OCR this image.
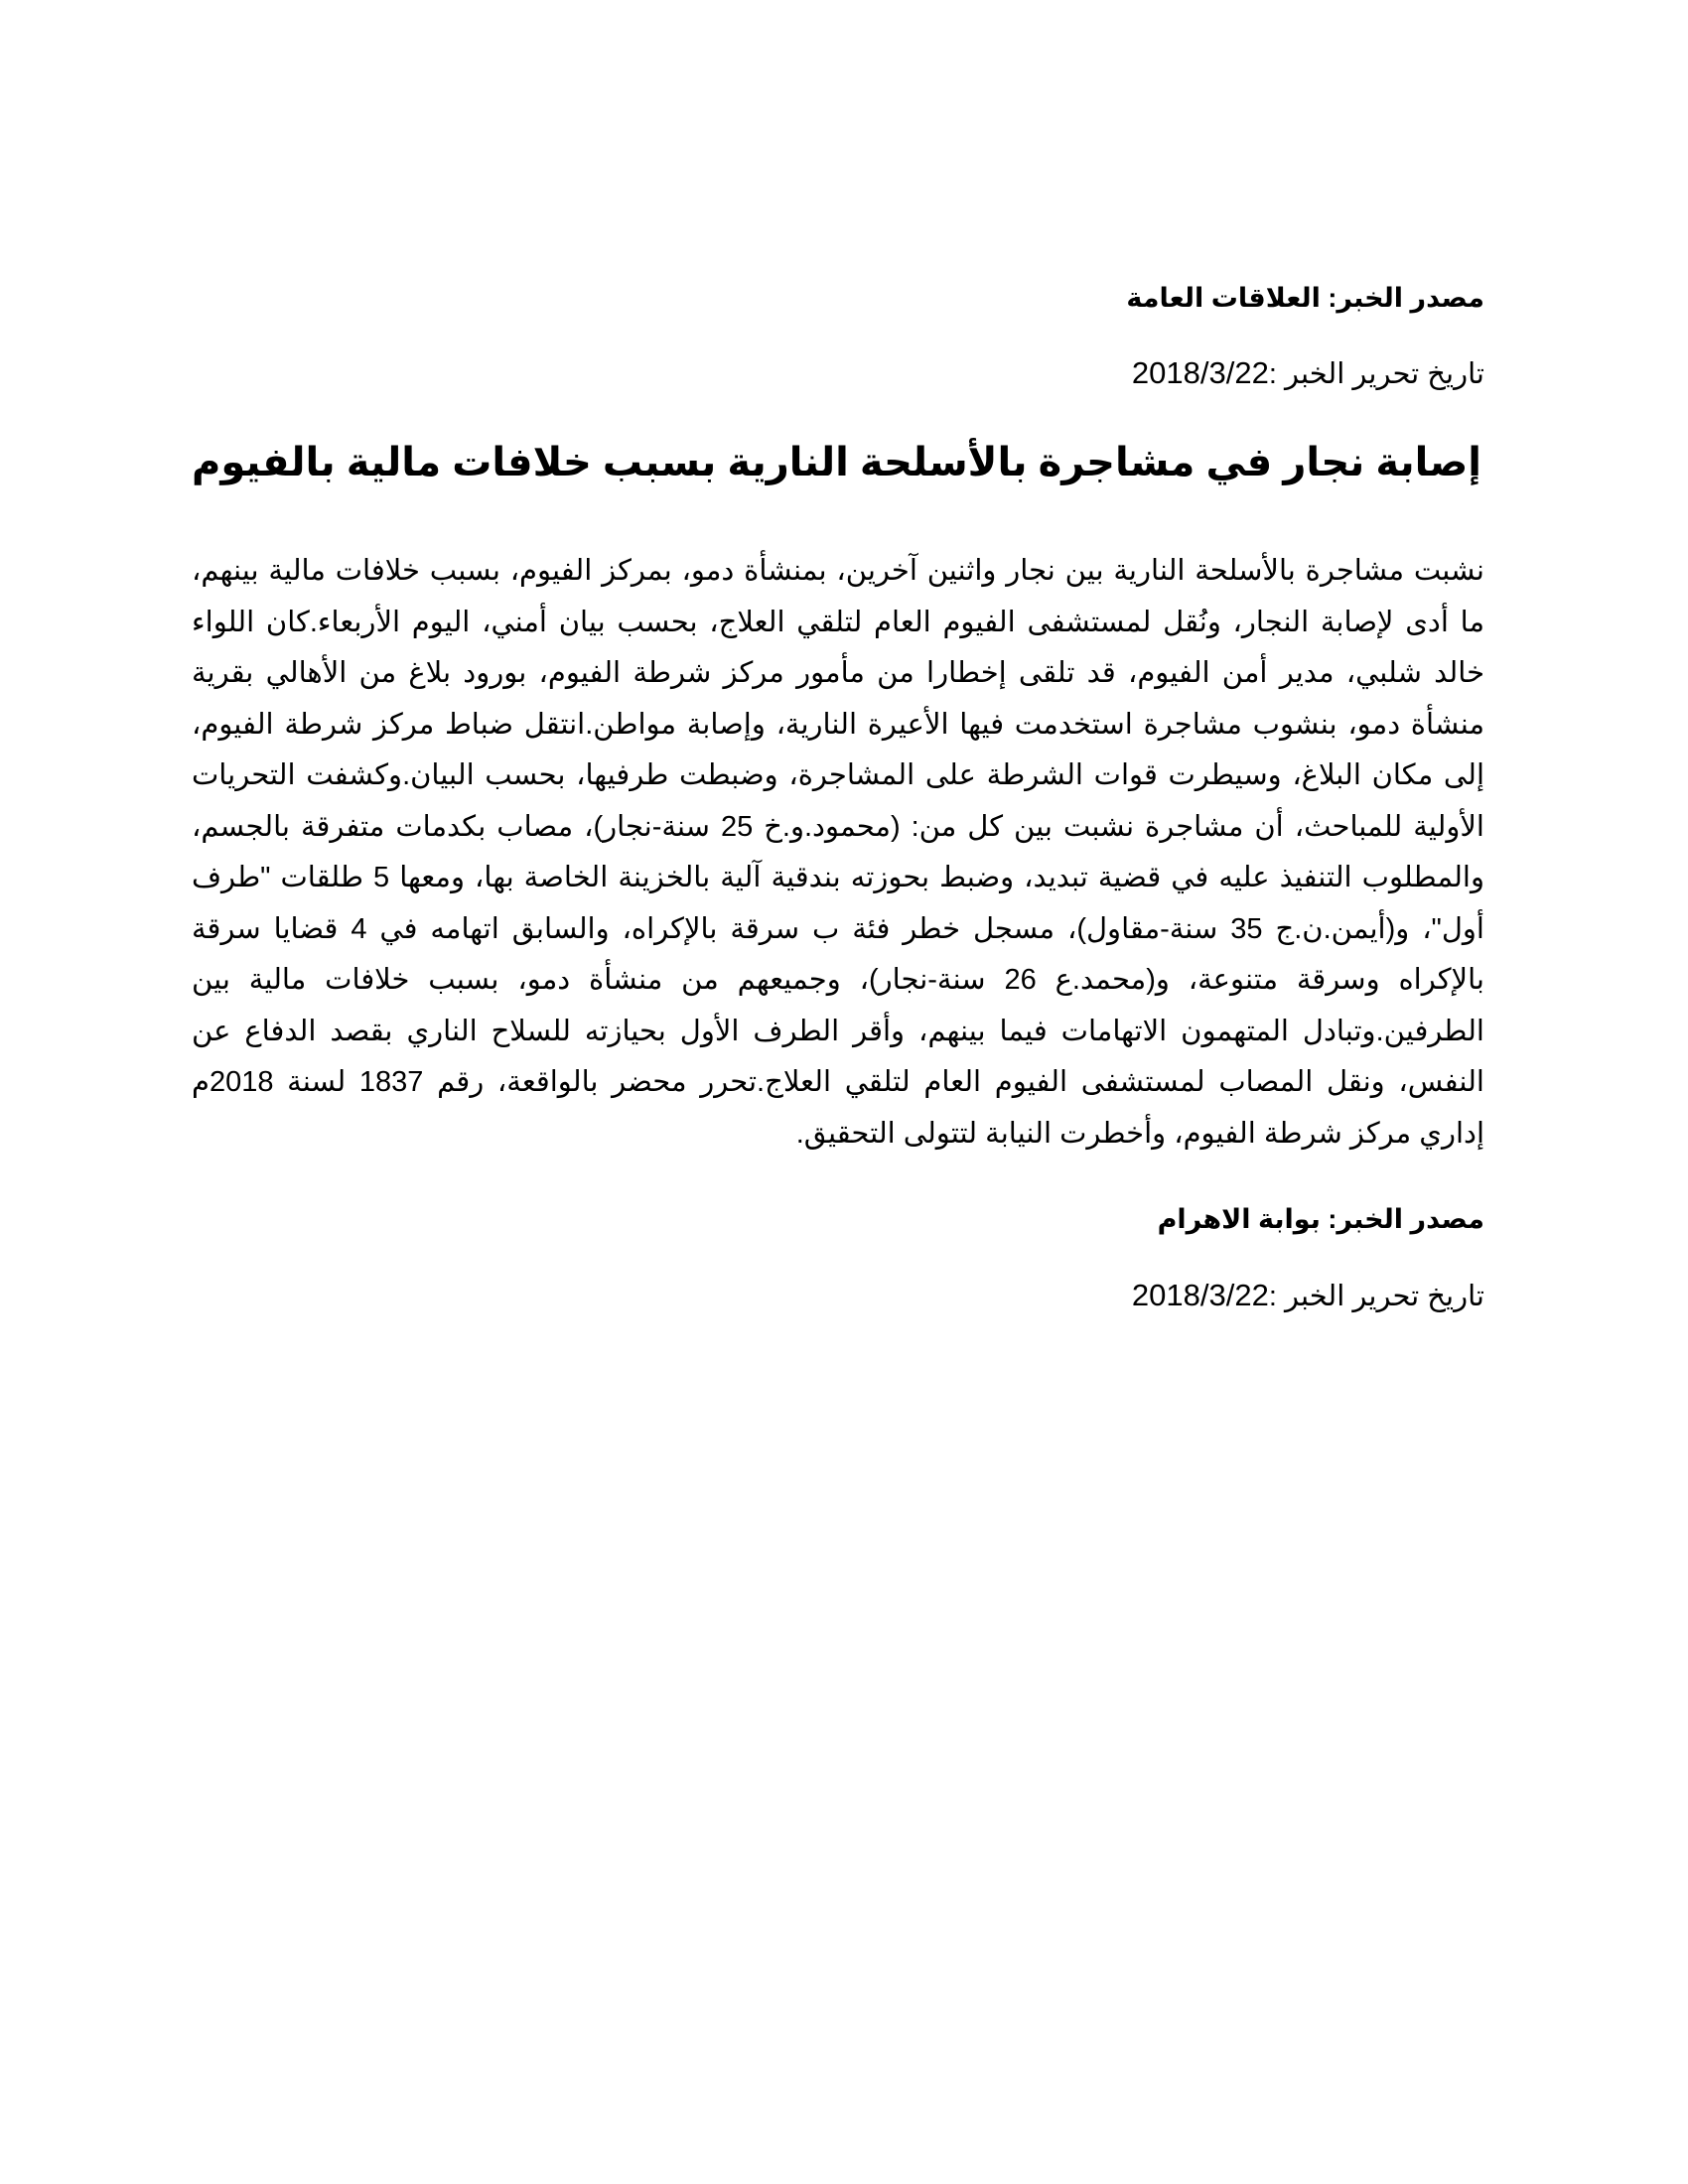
مصدر الخبر: العلاقات العامة
تاريخ تحرير الخبر :2018/3/22
إصابة نجار في مشاجرة بالأسلحة النارية بسبب خلافات مالية بالفيوم
نشبت مشاجرة بالأسلحة النارية بين نجار واثنين آخرين، بمنشأة دمو، بمركز الفيوم، بسبب خلافات مالية بينهم، ما أدى لإصابة النجار، ونُقل لمستشفى الفيوم العام لتلقي العلاج، بحسب بيان أمني، اليوم الأربعاء.كان اللواء خالد شلبي، مدير أمن الفيوم، قد تلقى إخطارا من مأمور مركز شرطة الفيوم، بورود بلاغ من الأهالي بقرية منشأة دمو، بنشوب مشاجرة استخدمت فيها الأعيرة النارية، وإصابة مواطن.انتقل ضباط مركز شرطة الفيوم، إلى مكان البلاغ، وسيطرت قوات الشرطة على المشاجرة، وضبطت طرفيها، بحسب البيان.وكشفت التحريات الأولية للمباحث، أن مشاجرة نشبت بين كل من: (محمود.و.خ 25 سنة-نجار)، مصاب بكدمات متفرقة بالجسم، والمطلوب التنفيذ عليه في قضية تبديد، وضبط بحوزته بندقية آلية بالخزينة الخاصة بها، ومعها 5 طلقات "طرف أول"، و(أيمن.ن.ج 35 سنة-مقاول)، مسجل خطر فئة ب سرقة بالإكراه، والسابق اتهامه في 4 قضايا سرقة بالإكراه وسرقة متنوعة، و(محمد.ع 26 سنة-نجار)، وجميعهم من منشأة دمو، بسبب خلافات مالية بين الطرفين.وتبادل المتهمون الاتهامات فيما بينهم، وأقر الطرف الأول بحيازته للسلاح الناري بقصد الدفاع عن النفس، ونقل المصاب لمستشفى الفيوم العام لتلقي العلاج.تحرر محضر بالواقعة، رقم 1837 لسنة 2018م إداري مركز شرطة الفيوم، وأخطرت النيابة لتتولى التحقيق.
مصدر الخبر: بوابة الاهرام
تاريخ تحرير الخبر :2018/3/22
